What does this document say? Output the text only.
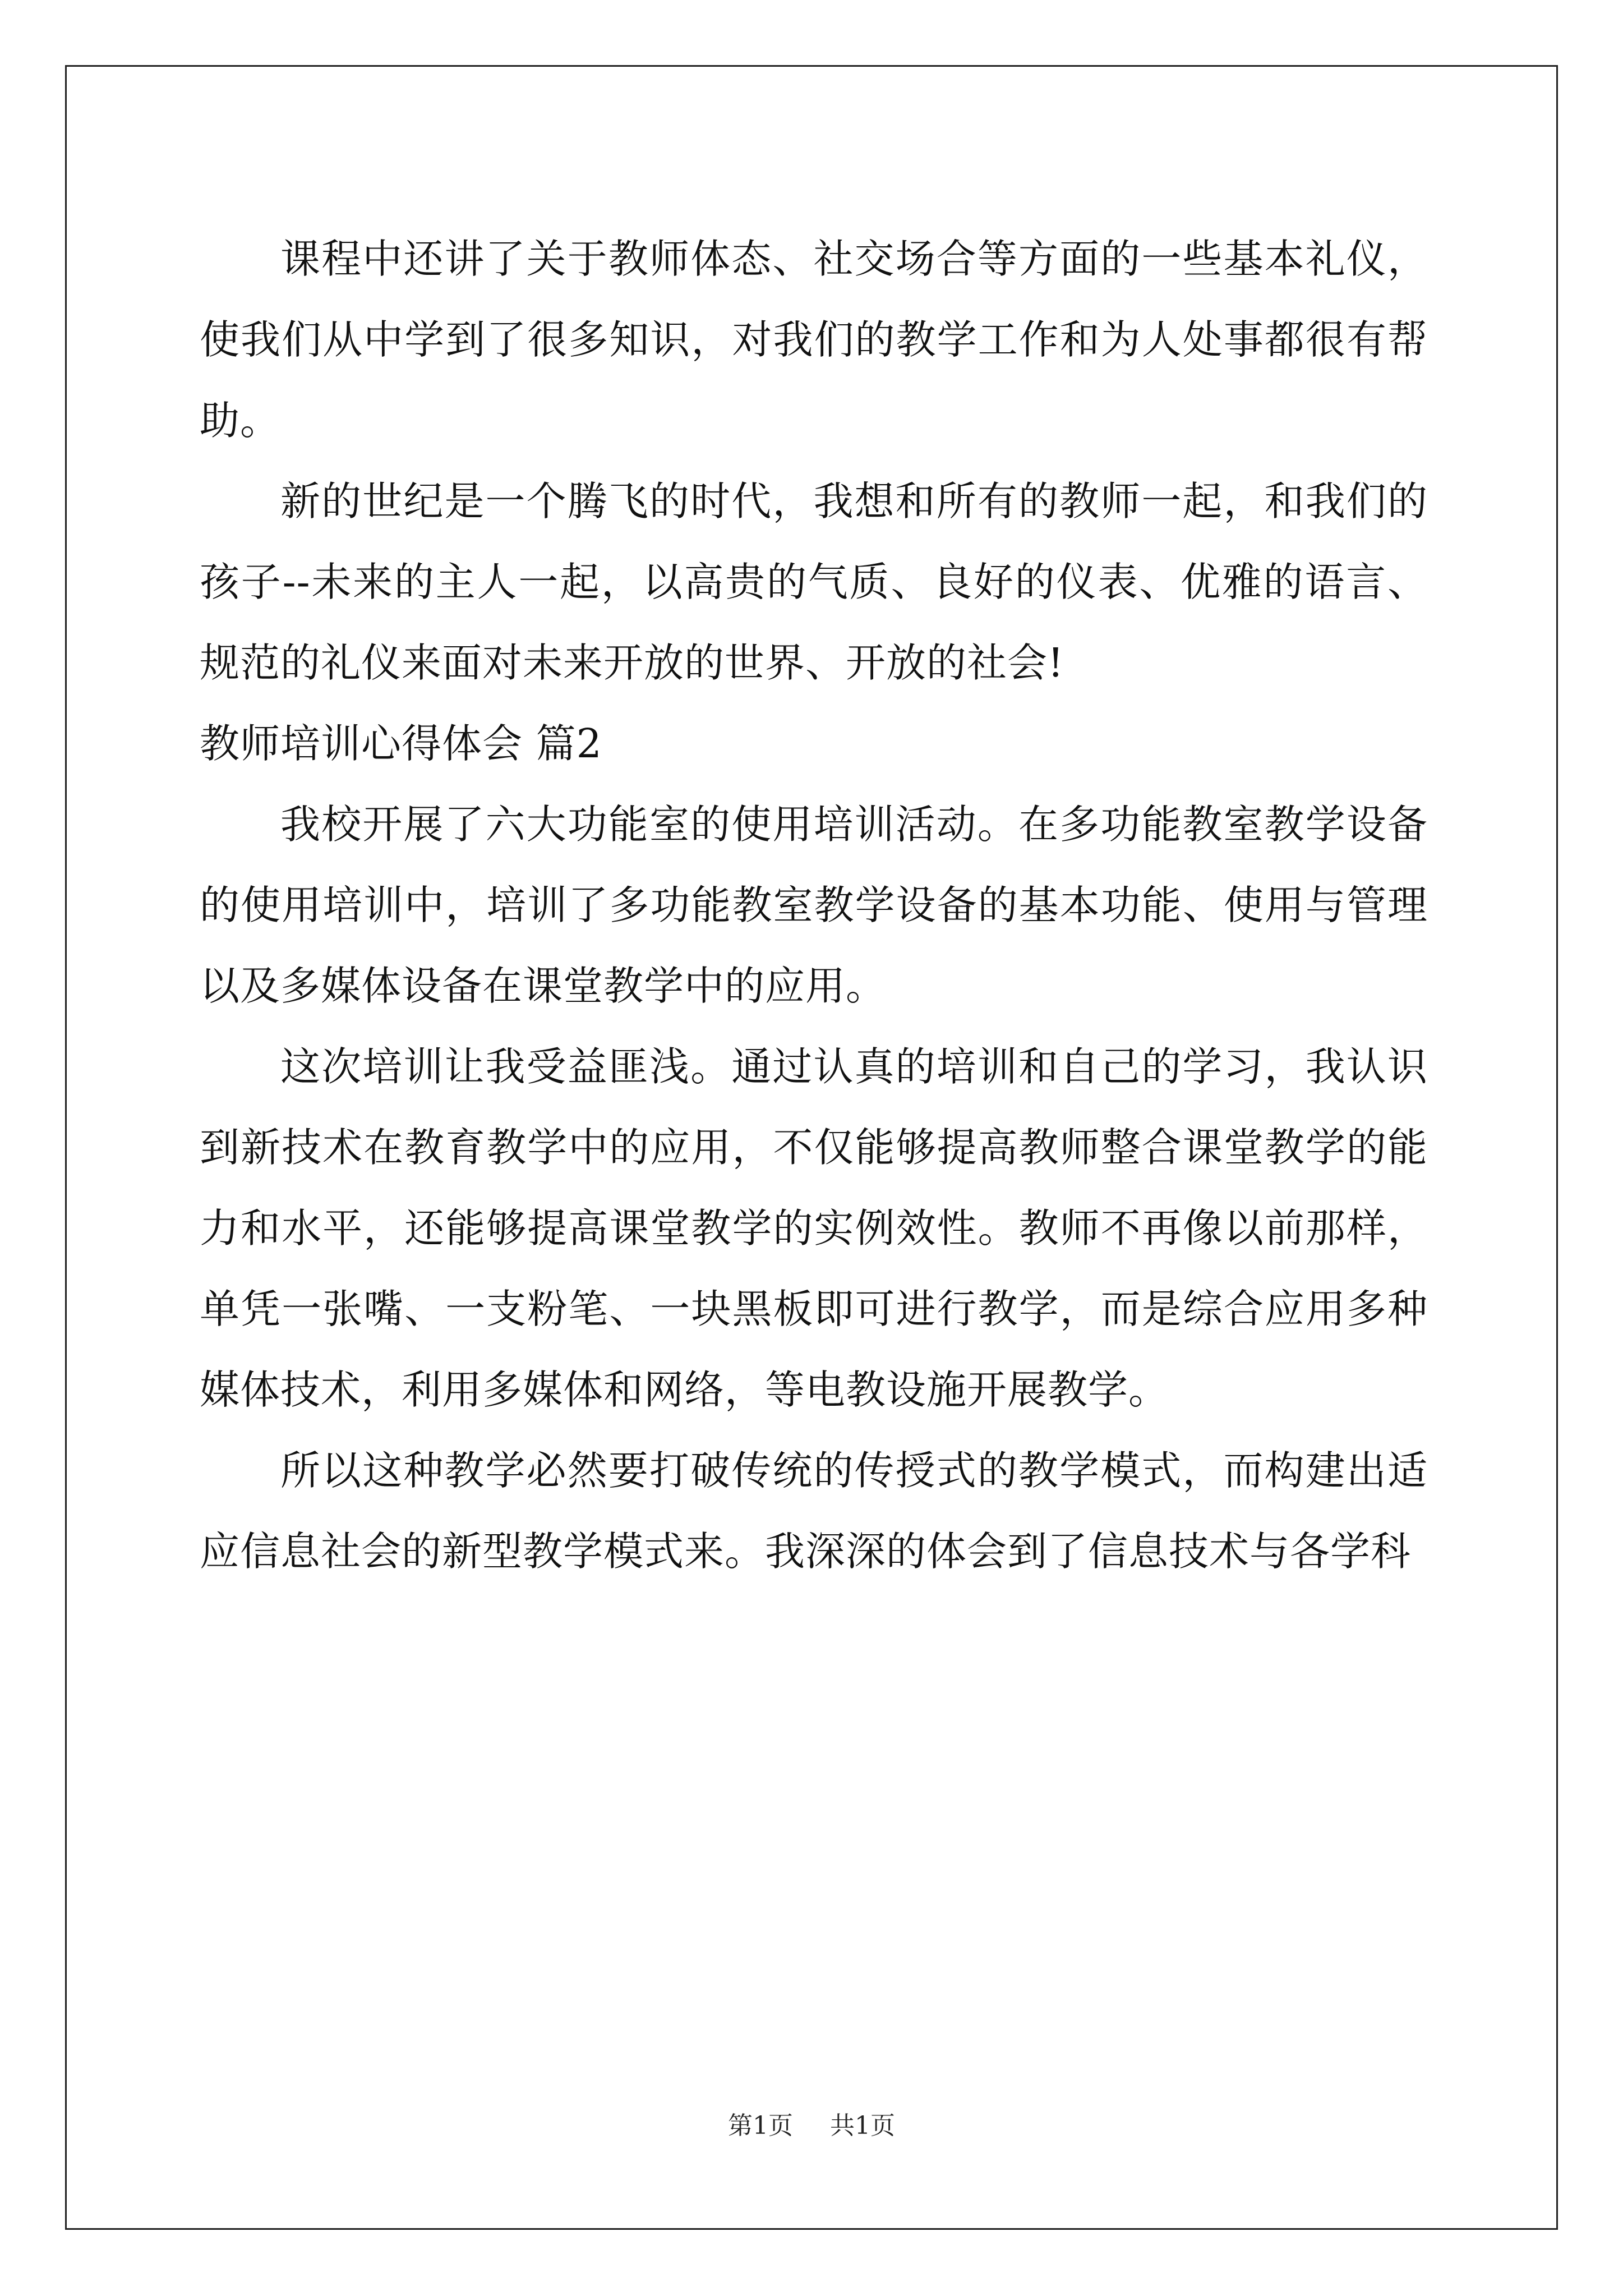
课程中还讲了关于教师体态、社交场合等方面的一些基本礼仪，使我们从中学到了很多知识，对我们的教学工作和为人处事都很有帮助。

新的世纪是一个腾飞的时代，我想和所有的教师一起，和我们的孩子--未来的主人一起，以高贵的气质、良好的仪表、优雅的语言、规范的礼仪来面对未来开放的世界、开放的社会!

教师培训心得体会 篇2

我校开展了六大功能室的使用培训活动。在多功能教室教学设备的使用培训中，培训了多功能教室教学设备的基本功能、使用与管理以及多媒体设备在课堂教学中的应用。

这次培训让我受益匪浅。通过认真的培训和自己的学习，我认识到新技术在教育教学中的应用，不仅能够提高教师整合课堂教学的能力和水平，还能够提高课堂教学的实例效性。教师不再像以前那样，单凭一张嘴、一支粉笔、一块黑板即可进行教学，而是综合应用多种媒体技术，利用多媒体和网络，等电教设施开展教学。

所以这种教学必然要打破传统的传授式的教学模式，而构建出适应信息社会的新型教学模式来。我深深的体会到了信息技术与各学科

第1页 共1页
